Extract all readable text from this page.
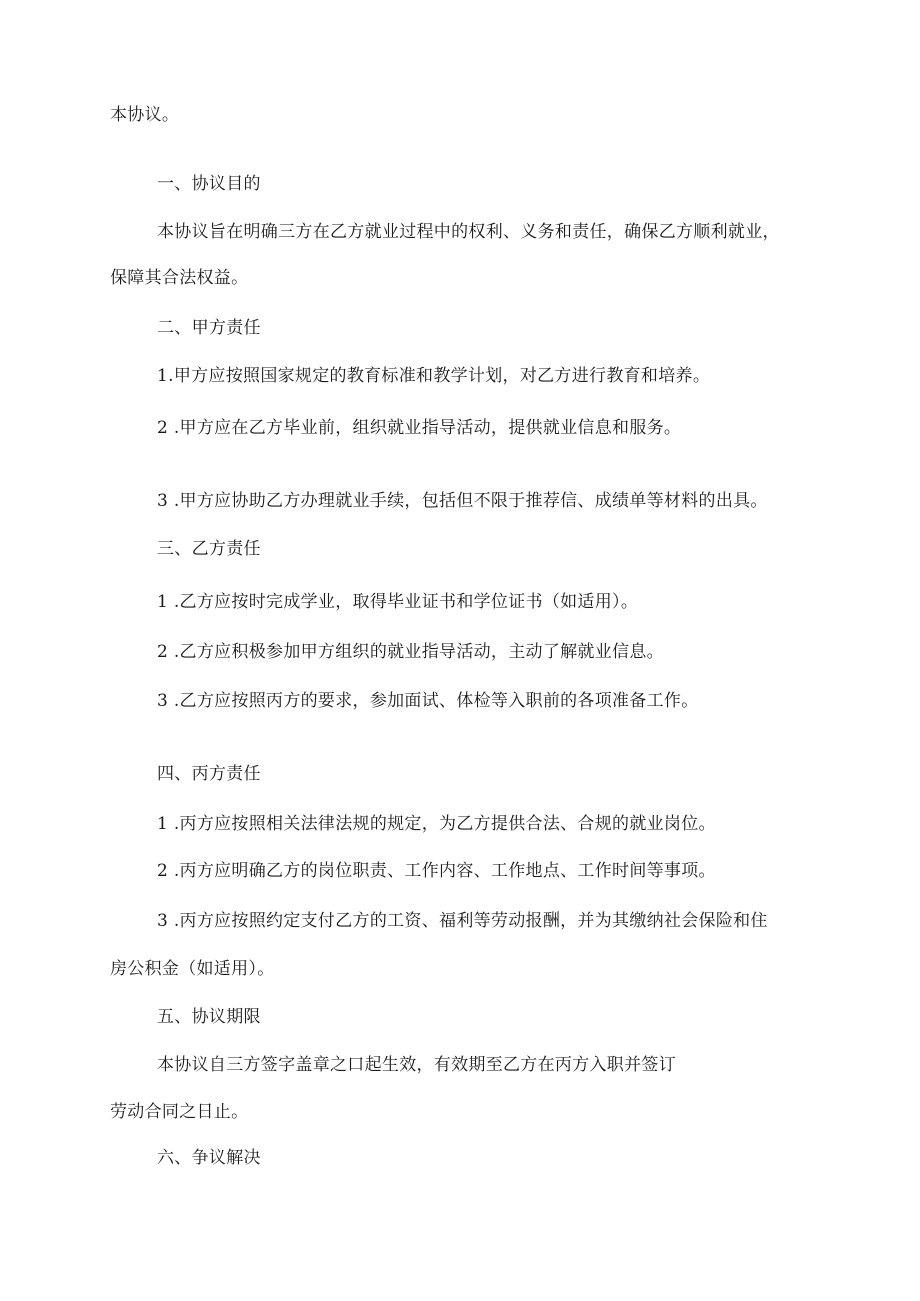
本协议。
一、协议目的
本协议旨在明确三方在乙方就业过程中的权利、义务和责任，确保乙方顺利就业，
保障其合法权益。
二、甲方责任
1.甲方应按照国家规定的教育标准和教学计划，对乙方进行教育和培养。
2 .甲方应在乙方毕业前，组织就业指导活动，提供就业信息和服务。
3 .甲方应协助乙方办理就业手续，包括但不限于推荐信、成绩单等材料的出具。
三、乙方责任
1 .乙方应按时完成学业，取得毕业证书和学位证书（如适用）。
2 .乙方应积极参加甲方组织的就业指导活动，主动了解就业信息。
3 .乙方应按照丙方的要求，参加面试、体检等入职前的各项准备工作。
四、丙方责任
1 .丙方应按照相关法律法规的规定，为乙方提供合法、合规的就业岗位。
2 .丙方应明确乙方的岗位职责、工作内容、工作地点、工作时间等事项。
3 .丙方应按照约定支付乙方的工资、福利等劳动报酬，并为其缴纳社会保险和住
房公积金（如适用）。
五、协议期限
本协议自三方签字盖章之口起生效，有效期至乙方在丙方入职并签订
劳动合同之日止。
六、争议解决
